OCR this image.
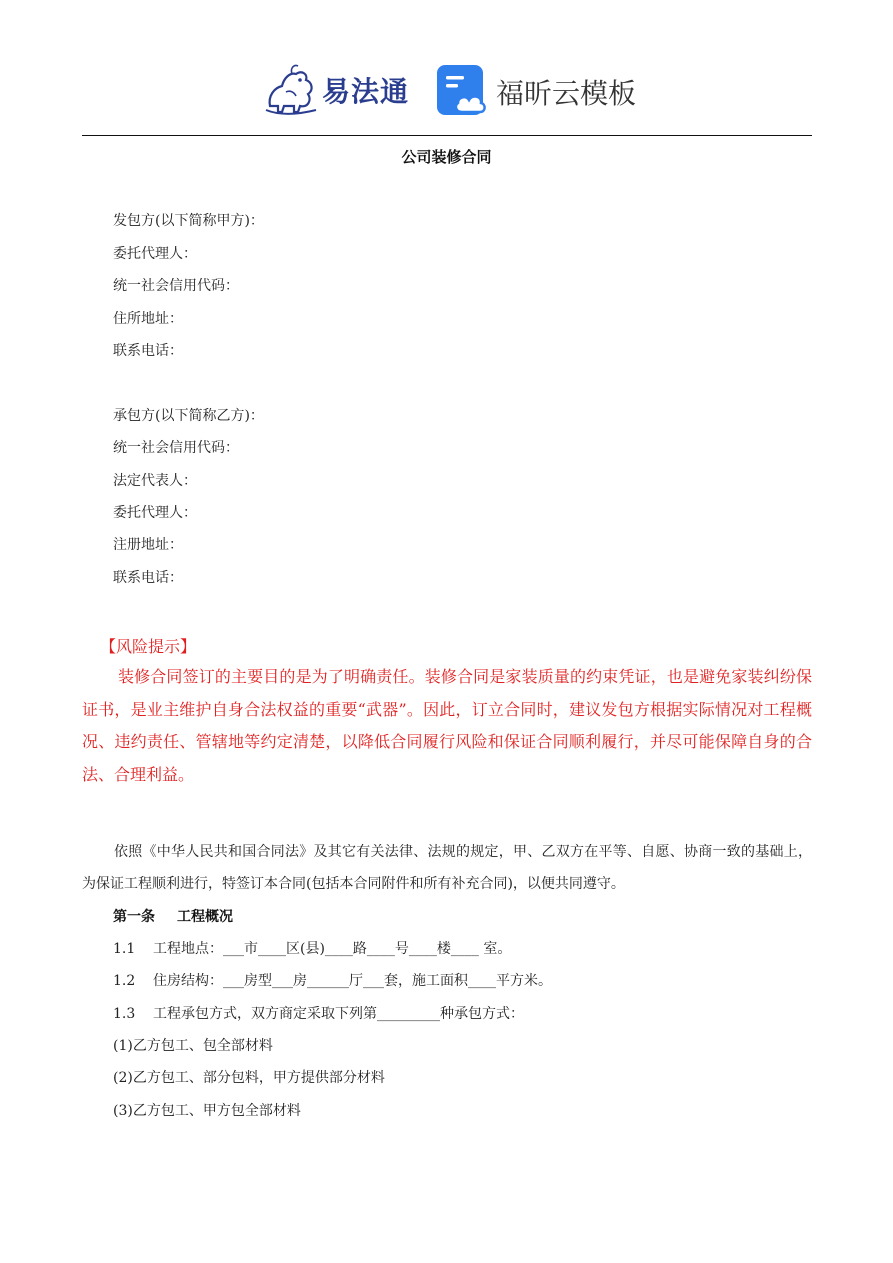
易法通	福昕云模板
公司装修合同
发包方(以下简称甲方)：
委托代理人：
统一社会信用代码：
住所地址：
联系电话：
承包方(以下简称乙方)：
统一社会信用代码：
法定代表人：
委托代理人：
注册地址：
联系电话：
【风险提示】

装修合同签订的主要目的是为了明确责任。装修合同是家装质量的约束凭证，也是避免家装纠纷保证书，是业主维护自身合法权益的重要“武器”。因此，订立合同时，建议发包方根据实际情况对工程概况、违约责任、管辖地等约定清楚，以降低合同履行风险和保证合同顺利履行，并尽可能保障自身的合法、合理利益。

依照《中华人民共和国合同法》及其它有关法律、法规的规定，甲、乙双方在平等、自愿、协商一致的基础上，为保证工程顺利进行，特签订本合同(包括本合同附件和所有补充合同)，以便共同遵守。

第一条 工程概况
1.1 工程地点：___市____区(县)____路____号____楼____ 室。
1.2 住房结构：___房型___房______厅___套，施工面积____平方米。
1.3 工程承包方式，双方商定采取下列第_________种承包方式：
(1)乙方包工、包全部材料
(2)乙方包工、部分包料，甲方提供部分材料
(3)乙方包工、甲方包全部材料
